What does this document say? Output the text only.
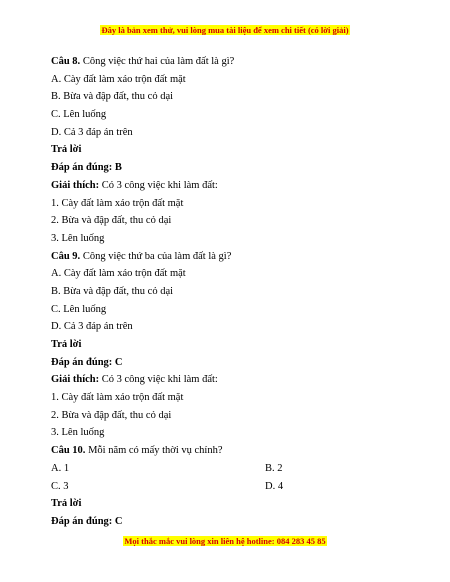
Đây là bản xem thử, vui lòng mua tài liệu để xem chi tiết (có lời giải)
Câu 8. Công việc thứ hai của làm đất là gì?
A. Cày đất làm xáo trộn đất mặt
B. Bừa và đập đất, thu cỏ dại
C. Lên luống
D. Cả 3 đáp án trên
Trả lời
Đáp án đúng: B
Giải thích: Có 3 công việc khi làm đất:
1. Cày đất làm xáo trộn đất mặt
2. Bừa và đập đất, thu cỏ dại
3. Lên luống
Câu 9. Công việc thứ ba của làm đất là gì?
A. Cày đất làm xáo trộn đất mặt
B. Bừa và đập đất, thu cỏ dại
C. Lên luống
D. Cả 3 đáp án trên
Trả lời
Đáp án đúng: C
Giải thích: Có 3 công việc khi làm đất:
1. Cày đất làm xáo trộn đất mặt
2. Bừa và đập đất, thu cỏ dại
3. Lên luống
Câu 10. Mỗi năm có mấy thời vụ chính?
A. 1	B. 2
C. 3	D. 4
Trả lời
Đáp án đúng: C
Mọi thắc mắc vui lòng xin liên hệ hotline: 084 283 45 85
